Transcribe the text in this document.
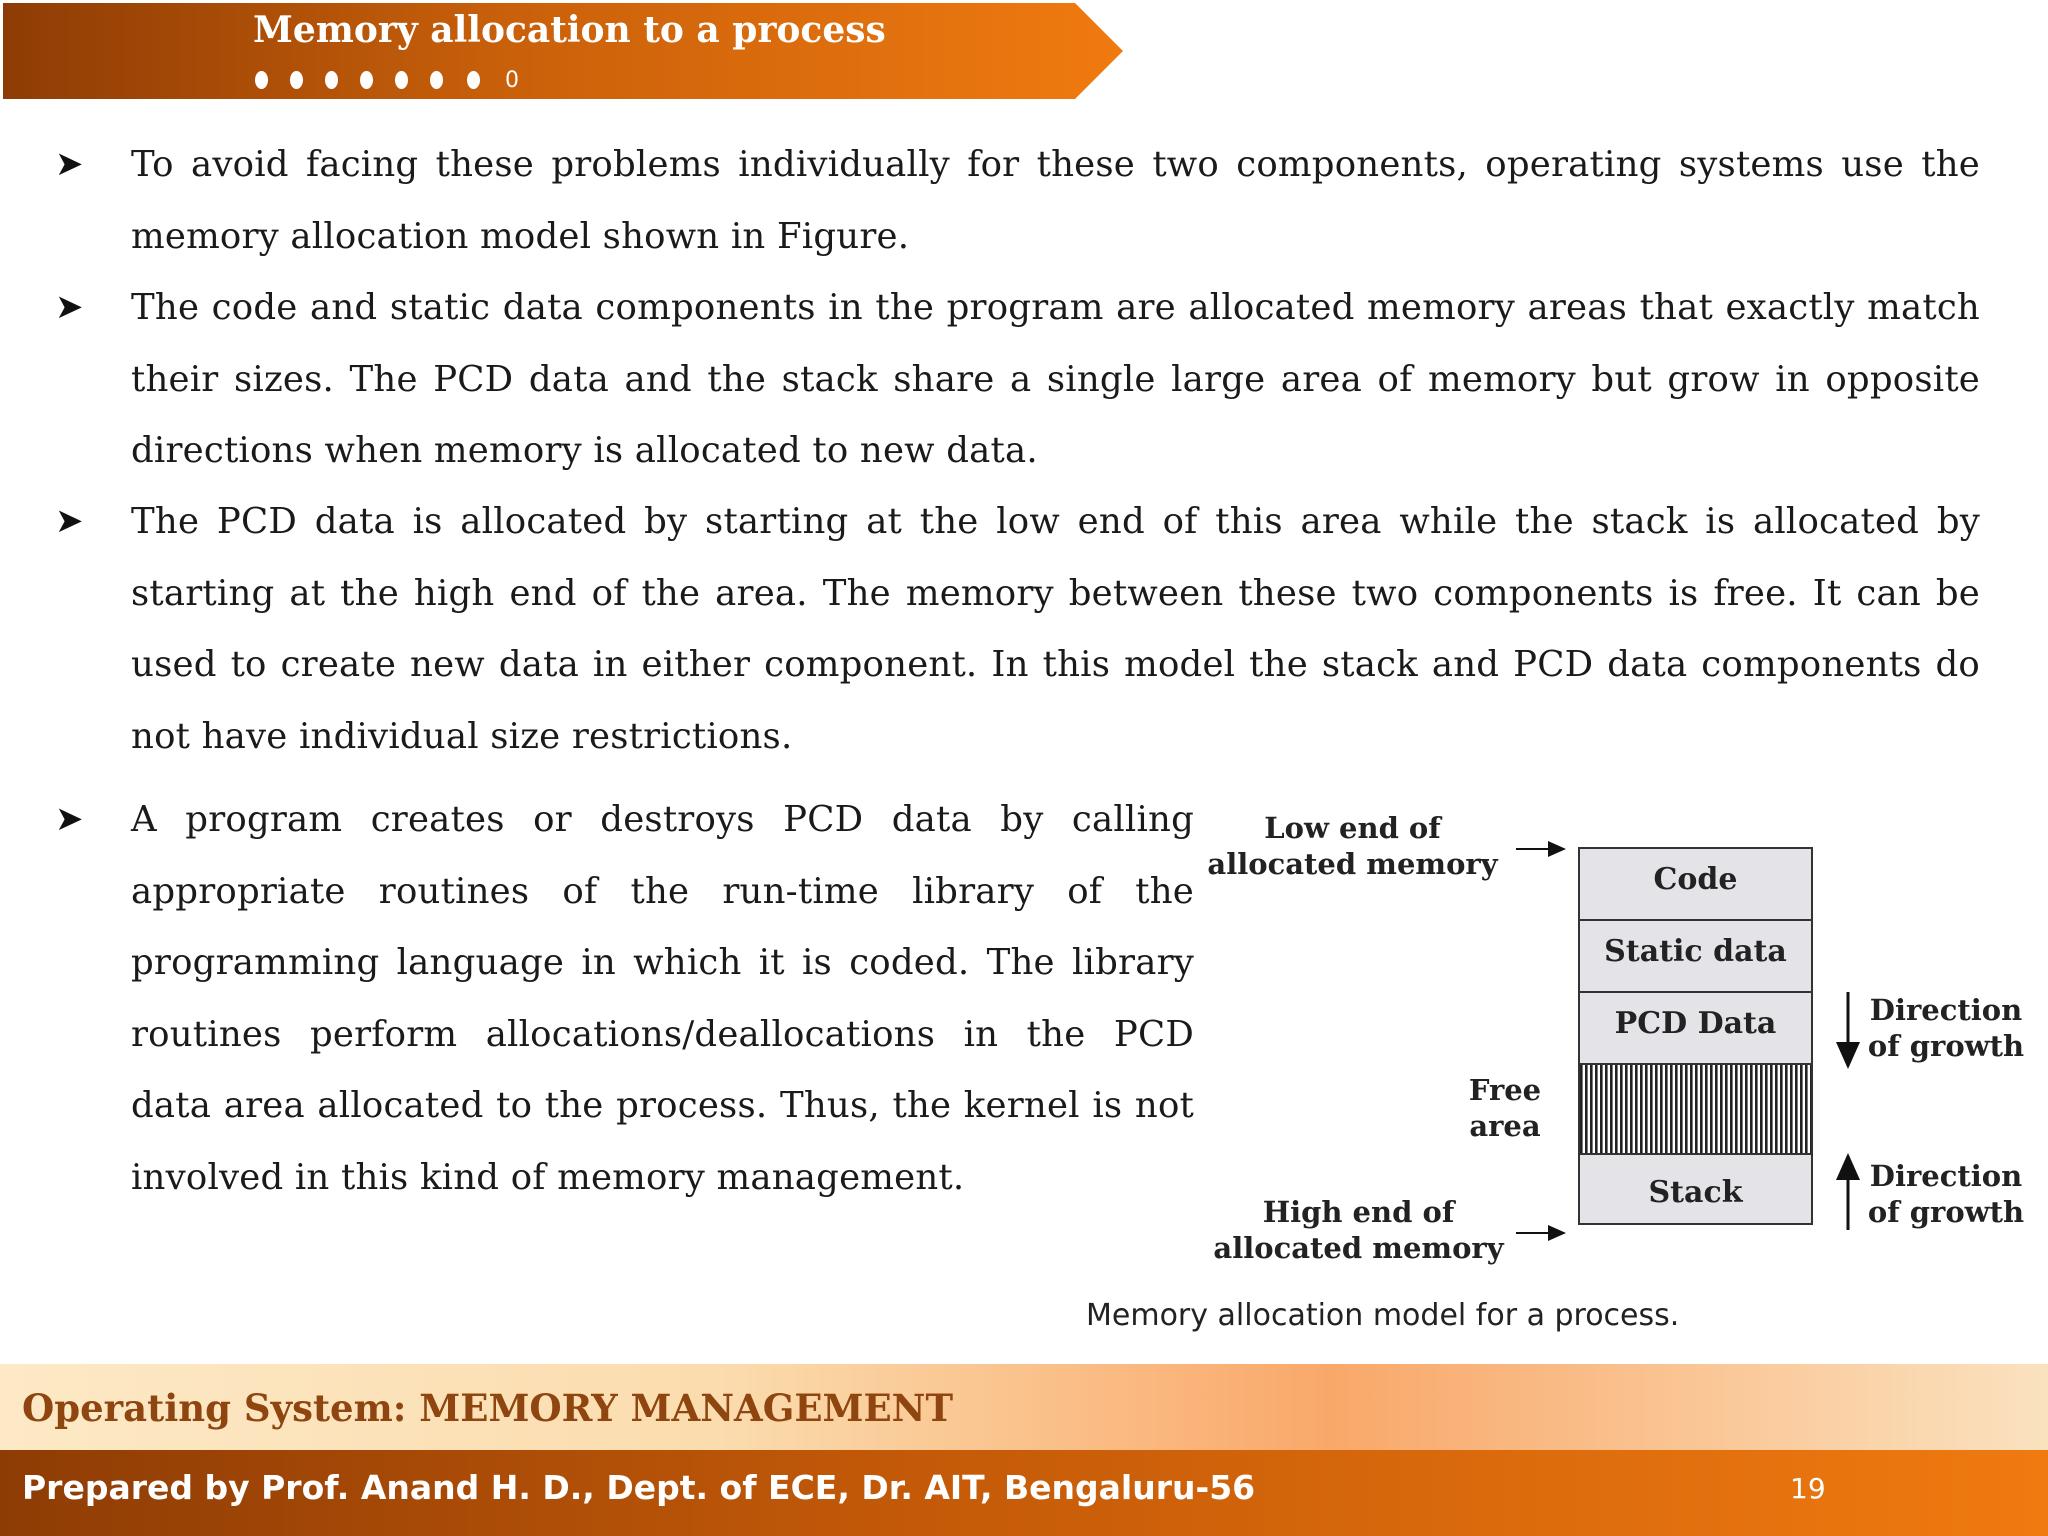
Memory allocation to a process
0
➤ To avoid facing these problems individually for these two components, operating systems use the memory allocation model shown in Figure.
➤ The code and static data components in the program are allocated memory areas that exactly match their sizes. The PCD data and the stack share a single large area of memory but grow in opposite directions when memory is allocated to new data.
➤ The PCD data is allocated by starting at the low end of this area while the stack is allocated by starting at the high end of the area. The memory between these two components is free. It can be used to create new data in either component. In this model the stack and PCD data components do not have individual size restrictions.
➤ A program creates or destroys PCD data by calling appropriate routines of the run-time library of the programming language in which it is coded. The library routines perform allocations/deallocations in the PCD data area allocated to the process. Thus, the kernel is not involved in this kind of memory management.
Low end of
allocated memory
High end of
allocated memory
Free
area
Code
Static data
PCD Data
Stack
Direction
of growth
Direction
of growth
Memory allocation model for a process.
Operating System: MEMORY MANAGEMENT
Prepared by Prof. Anand H. D., Dept. of ECE, Dr. AIT, Bengaluru-56	19
